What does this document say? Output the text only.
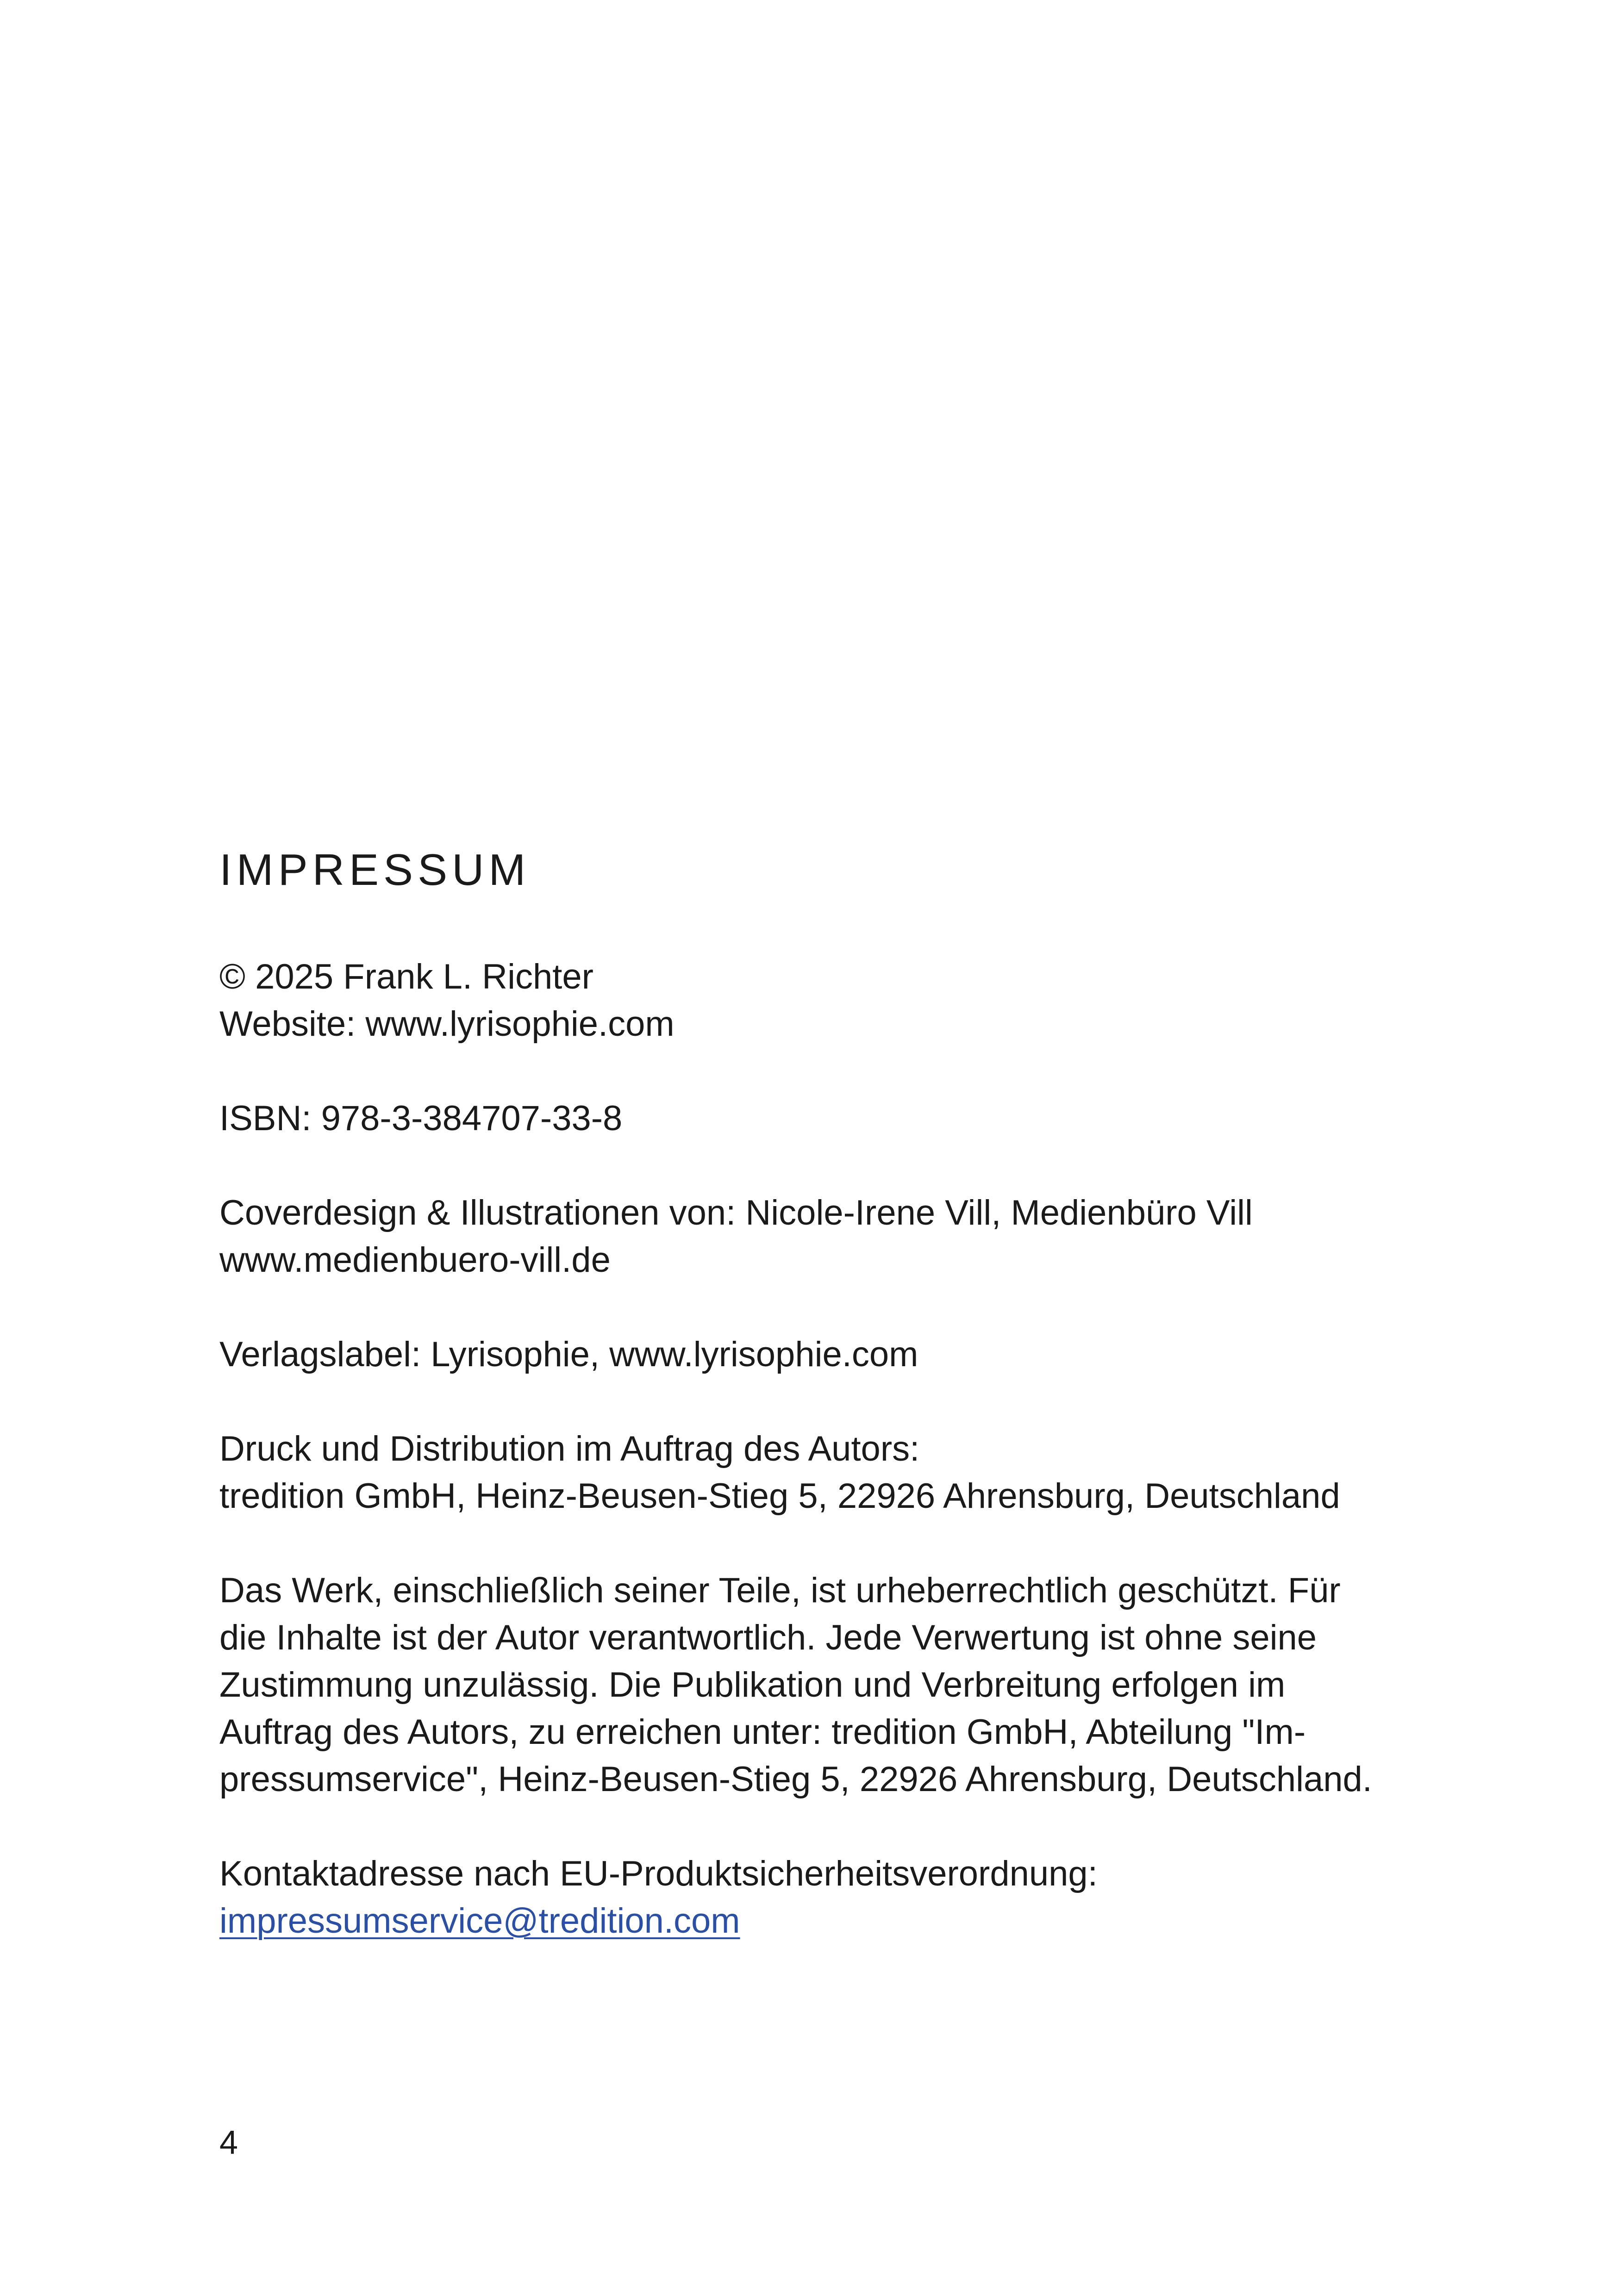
IMPRESSUM
© 2025 Frank L. Richter
Website: www.lyrisophie.com
ISBN: 978-3-384707-33-8
Coverdesign & Illustrationen von: Nicole-Irene Vill, Medienbüro Vill
www.medienbuero-vill.de
Verlagslabel: Lyrisophie, www.lyrisophie.com
Druck und Distribution im Auftrag des Autors:
tredition GmbH, Heinz-Beusen-Stieg 5, 22926 Ahrensburg, Deutschland
Das Werk, einschließlich seiner Teile, ist urheberrechtlich geschützt. Für
die Inhalte ist der Autor verantwortlich. Jede Verwertung ist ohne seine
Zustimmung unzulässig. Die Publikation und Verbreitung erfolgen im
Auftrag des Autors, zu erreichen unter: tredition GmbH, Abteilung "Im-
pressumservice", Heinz-Beusen-Stieg 5, 22926 Ahrensburg, Deutschland.
Kontaktadresse nach EU-Produktsicherheitsverordnung:
impressumservice@tredition.com
4
